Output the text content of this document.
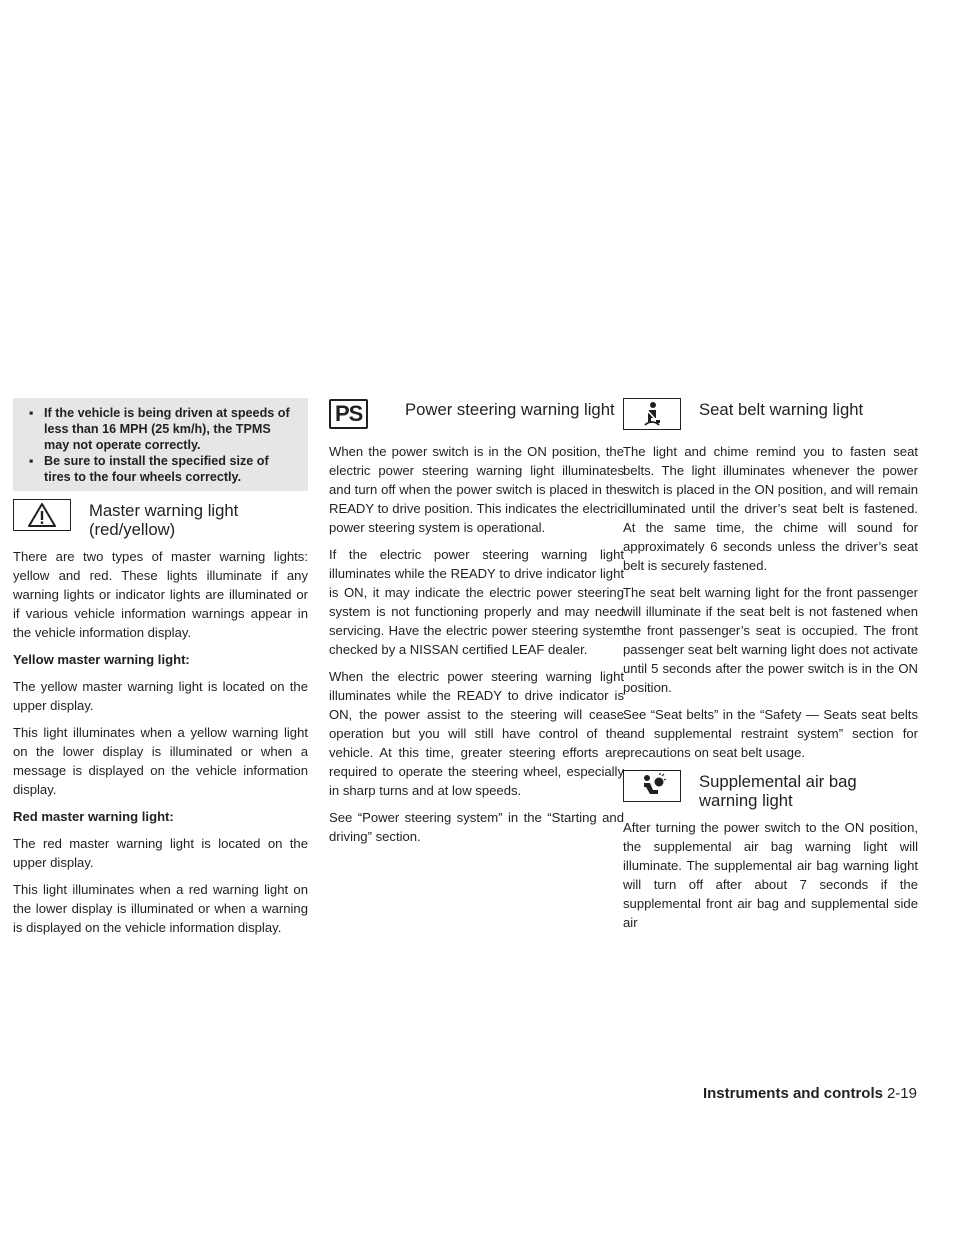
▪ If the vehicle is being driven at speeds of less than 16 MPH (25 km/h), the TPMS may not operate correctly.
▪ Be sure to install the specified size of tires to the four wheels correctly.
Master warning light (red/yellow)

There are two types of master warning lights: yellow and red. These lights illuminate if any warning lights or indicator lights are illuminated or if various vehicle information warnings appear in the vehicle information display.

Yellow master warning light:

The yellow master warning light is located on the upper display.

This light illuminates when a yellow warning light on the lower display is illuminated or when a message is displayed on the vehicle information display.

Red master warning light:

The red master warning light is located on the upper display.

This light illuminates when a red warning light on the lower display is illuminated or when a warning is displayed on the vehicle information display.

PS	Power steering warning light

When the power switch is in the ON position, the electric power steering warning light illuminates and turn off when the power switch is placed in the READY to drive position. This indicates the electric power steering system is operational.

If the electric power steering warning light illuminates while the READY to drive indicator light is ON, it may indicate the electric power steering system is not functioning properly and may need servicing. Have the electric power steering system checked by a NISSAN certified LEAF dealer.

When the electric power steering warning light illuminates while the READY to drive indicator is ON, the power assist to the steering will cease operation but you will still have control of the vehicle. At this time, greater steering efforts are required to operate the steering wheel, especially in sharp turns and at low speeds.

See “Power steering system” in the “Starting and driving” section.

Seat belt warning light

The light and chime remind you to fasten seat belts. The light illuminates whenever the power switch is placed in the ON position, and will remain illuminated until the driver’s seat belt is fastened. At the same time, the chime will sound for approximately 6 seconds unless the driver’s seat belt is securely fastened.

The seat belt warning light for the front passenger will illuminate if the seat belt is not fastened when the front passenger’s seat is occupied. The front passenger seat belt warning light does not activate until 5 seconds after the power switch is in the ON position.

See “Seat belts” in the “Safety — Seats seat belts and supplemental restraint system” section for precautions on seat belt usage.

Supplemental air bag warning light

After turning the power switch to the ON position, the supplemental air bag warning light will illuminate. The supplemental air bag warning light will turn off after about 7 seconds if the supplemental front air bag and supplemental side air

Instruments and controls 2-19
